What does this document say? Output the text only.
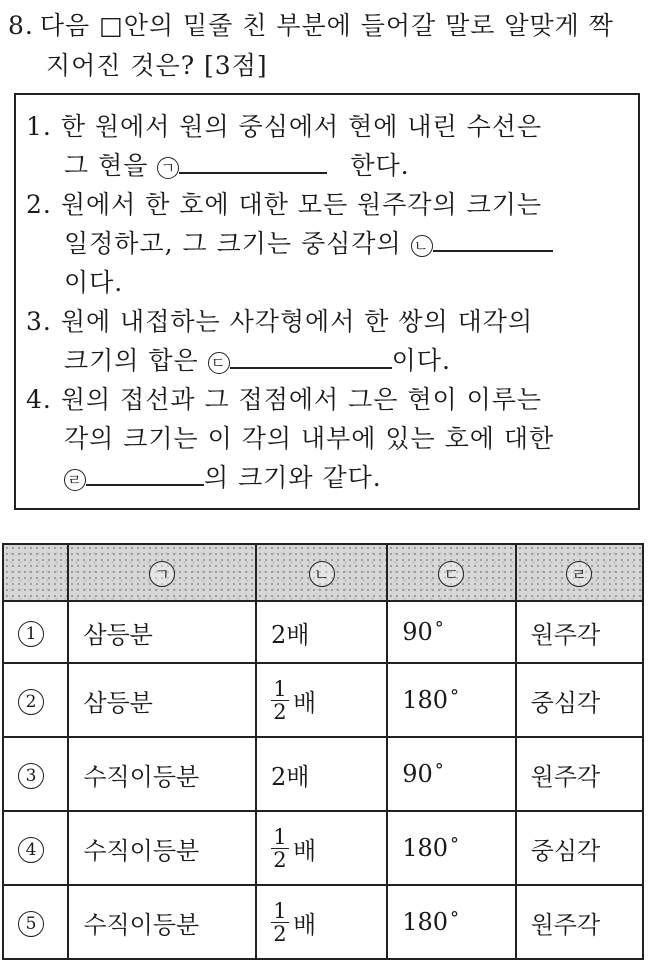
8. 다음 □안의 밑줄 친 부분에 들어갈 말로 알맞게 짝
지어진 것은? [3점]
1. 한 원에서 원의 중심에서 현에 내린 수선은
그 현을 ㄱ	한다.
2. 원에서 한 호에 대한 모든 원주각의 크기는
일정하고, 그 크기는 중심각의 ㄴ
이다.
3. 원에 내접하는 사각형에서 한 쌍의 대각의
크기의 합은 ㄷ	이다.
4. 원의 접선과 그 접점에서 그은 현이 이루는
각의 크기는 이 각의 내부에 있는 호에 대한
ㄹ	의 크기와 같다.
	ㄱ	ㄴ	ㄷ	ㄹ
1	삼등분	2배	90 °	원주각
2	삼등분	$\frac{1}{2}$ 배	180 °	중심각
3	수직이등분	2배	90 °	원주각
4	수직이등분	$\frac{1}{2}$ 배	180 °	중심각
5	수직이등분	$\frac{1}{2}$ 배	180 °	원주각
